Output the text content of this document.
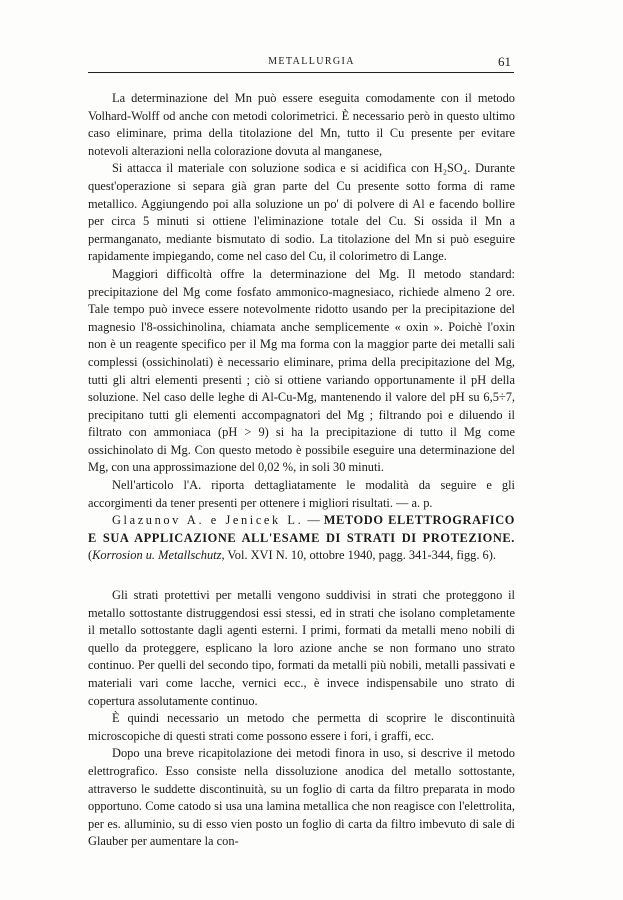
METALLURGIA	61

La determinazione del Mn può essere eseguita comodamente con il metodo Volhard-Wolff od anche con metodi colorimetrici. È necessario però in questo ultimo caso eliminare, prima della titolazione del Mn, tutto il Cu presente per evitare notevoli alterazioni nella colorazione dovuta al manganese,

Si attacca il materiale con soluzione sodica e si acidifica con H₂SO₄. Durante quest'operazione si separa già gran parte del Cu presente sotto forma di rame metallico. Aggiungendo poi alla soluzione un po' di polvere di Al e facendo bollire per circa 5 minuti si ottiene l'eliminazione totale del Cu. Si ossida il Mn a permanganato, mediante bismutato di sodio. La titolazione del Mn si può eseguire rapidamente impiegando, come nel caso del Cu, il colorimetro di Lange.

Maggiori difficoltà offre la determinazione del Mg. Il metodo standard: precipitazione del Mg come fosfato ammonico-magnesiaco, richiede almeno 2 ore. Tale tempo può invece essere notevolmente ridotto usando per la precipitazione del magnesio l'8-ossichinolina, chiamata anche semplicemente « oxin ». Poichè l'oxin non è un reagente specifico per il Mg ma forma con la maggior parte dei metalli sali complessi (ossichinolati) è necessario eliminare, prima della precipitazione del Mg, tutti gli altri elementi presenti ; ciò si ottiene variando opportunamente il pH della soluzione. Nel caso delle leghe di Al-Cu-Mg, mantenendo il valore del pH su 6,5÷7, precipitano tutti gli elementi accompagnatori del Mg ; filtrando poi e diluendo il filtrato con ammoniaca (pH > 9) si ha la precipitazione di tutto il Mg come ossichinolato di Mg. Con questo metodo è possibile eseguire una determinazione del Mg, con una approssimazione del 0,02 %, in soli 30 minuti.

Nell'articolo l'A. riporta dettagliatamente le modalità da seguire e gli accorgimenti da tener presenti per ottenere i migliori risultati. — a. p.

Glazunov A. e Jenicek L. — METODO ELETTROGRAFICO E SUA APPLICAZIONE ALL'ESAME DI STRATI DI PROTEZIONE. (Korrosion u. Metallschutz, Vol. XVI N. 10, ottobre 1940, pagg. 341-344, figg. 6).

Gli strati protettivi per metalli vengono suddivisi in strati che proteggono il metallo sottostante distruggendosi essi stessi, ed in strati che isolano completamente il metallo sottostante dagli agenti esterni. I primi, formati da metalli meno nobili di quello da proteggere, esplicano la loro azione anche se non formano uno strato continuo. Per quelli del secondo tipo, formati da metalli più nobili, metalli passivati e materiali vari come lacche, vernici ecc., è invece indispensabile uno strato di copertura assolutamente continuo.

È quindi necessario un metodo che permetta di scoprire le discontinuità microscopiche di questi strati come possono essere i fori, i graffi, ecc.

Dopo una breve ricapitolazione dei metodi finora in uso, si descrive il metodo elettrografico. Esso consiste nella dissoluzione anodica del metallo sottostante, attraverso le suddette discontinuità, su un foglio di carta da filtro preparata in modo opportuno. Come catodo si usa una lamina metallica che non reagisce con l'elettrolita, per es. alluminio, su di esso vien posto un foglio di carta da filtro imbevuto di sale di Glauber per aumentare la con-
